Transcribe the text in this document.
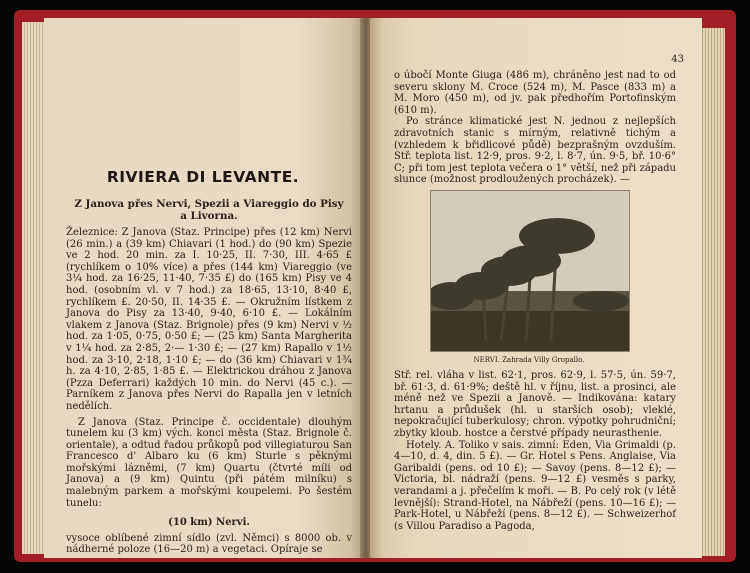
RIVIERA DI LEVANTE.
Z Janova přes Nervi, Spezii a Viareggio do Pisy a Livorna.

Železnice: Z Janova (Staz. Principe) přes (12 km) Nervi (26 min.) a (39 km) Chiavari (1 hod.) do (90 km) Spezie ve 2 hod. 20 min. za I. 10·25, II. 7·30, III. 4·65 £ (rychlíkem o 10% více) a přes (144 km) Viareggio (ve 3¼ hod. za 16·25, 11·40, 7·35 £) do (165 km) Pisy ve 4 hod. (osobním vl. v 7 hod.) za 18·65, 13·10, 8·40 £, rychlíkem £. 20·50, II. 14·35 £. — Okružním lístkem z Janova do Pisy za 13·40, 9·40, 6·10 £. — Lokálním vlakem z Janova (Staz. Brignole) přes (9 km) Nervi v ½ hod. za 1·05, 0·75, 0·50 £; — (25 km) Santa Margherita v 1¼ hod. za 2·85, 2·— 1·30 £; — (27 km) Rapallo v 1½ hod. za 3·10, 2·18, 1·10 £; — do (36 km) Chiavari v 1¾ h. za 4·10, 2·85, 1·85 £. — Elektrickou dráhou z Janova (Pzza Deferrari) každých 10 min. do Nervi (45 c.). — Parníkem z Janova přes Nervi do Rapalla jen v letních nedělích.

Z Janova (Staz. Principe č. occidentale) dlouhým tunelem ku (3 km) vých. konci města (Staz. Brignole č. orientale), a odtud řadou průkopů pod villegiaturou San Francesco d' Albaro ku (6 km) Sturle s pěknými mořskými lázněmi, (7 km) Quartu (čtvrté míli od Janova) a (9 km) Quintu (při pátém milníku) s malebným parkem a mořskými koupelemi. Po šestém tunelu:

(10 km) Nervi.

vysoce oblíbené zimní sídlo (zvl. Němci) s 8000 ob. v nádherné poloze (16—20 m) a vegetaci. Opíraje se

43

o úbočí Monte Giuga (486 m), chráněno jest nad to od severu sklony M. Croce (524 m), M. Pasce (833 m) a M. Moro (450 m), od jv. pak předhořím Portofinským (610 m).

Po stránce klimatické jest N. jednou z nejlepších zdravotních stanic s mírným, relativně tichým a (vzhledem k břidlicové půdě) bezprašným ovzduším. Stř. teplota list. 12·9, pros. 9·2, l. 8·7, ún. 9·5, bř. 10·6° C; při tom jest teplota večera o 1° větší, než při západu slunce (možnost prodloužených procházek). —

NERVI. Zahrada Villy Gropallo.

Stř. rel. vláha v list. 62·1, pros. 62·9, l. 57·5, ún. 59·7, bř. 61·3, d. 61·9%; deště hl. v říjnu, list. a prosinci, ale méně než ve Spezii a Janově. — Indikována: katary hrtanu a průdušek (hl. u starších osob); vleklé, nepokračující tuberkulosy; chron. výpotky pohrudniční; zbytky kloub. hostce a čerstvé případy neurasthenie.

Hotely. A. Toliko v sais. zimní: Eden, Via Grimaldi (p. 4—10, d. 4, din. 5 £). — Gr. Hotel s Pens. Anglaise, Via Garibaldi (pens. od 10 £); — Savoy (pens. 8—12 £); — Victoria, bl. nádraží (pens. 9—12 £) vesměs s parky, verandami a j. přečelím k moři. — B. Po celý rok (v létě levnější): Strand-Hotel, na Nábřeží (pens. 10—16 £); — Park-Hotel, u Nábřeží (pens. 8—12 £). — Schweizerhof (s Villou Paradiso a Pagoda,
